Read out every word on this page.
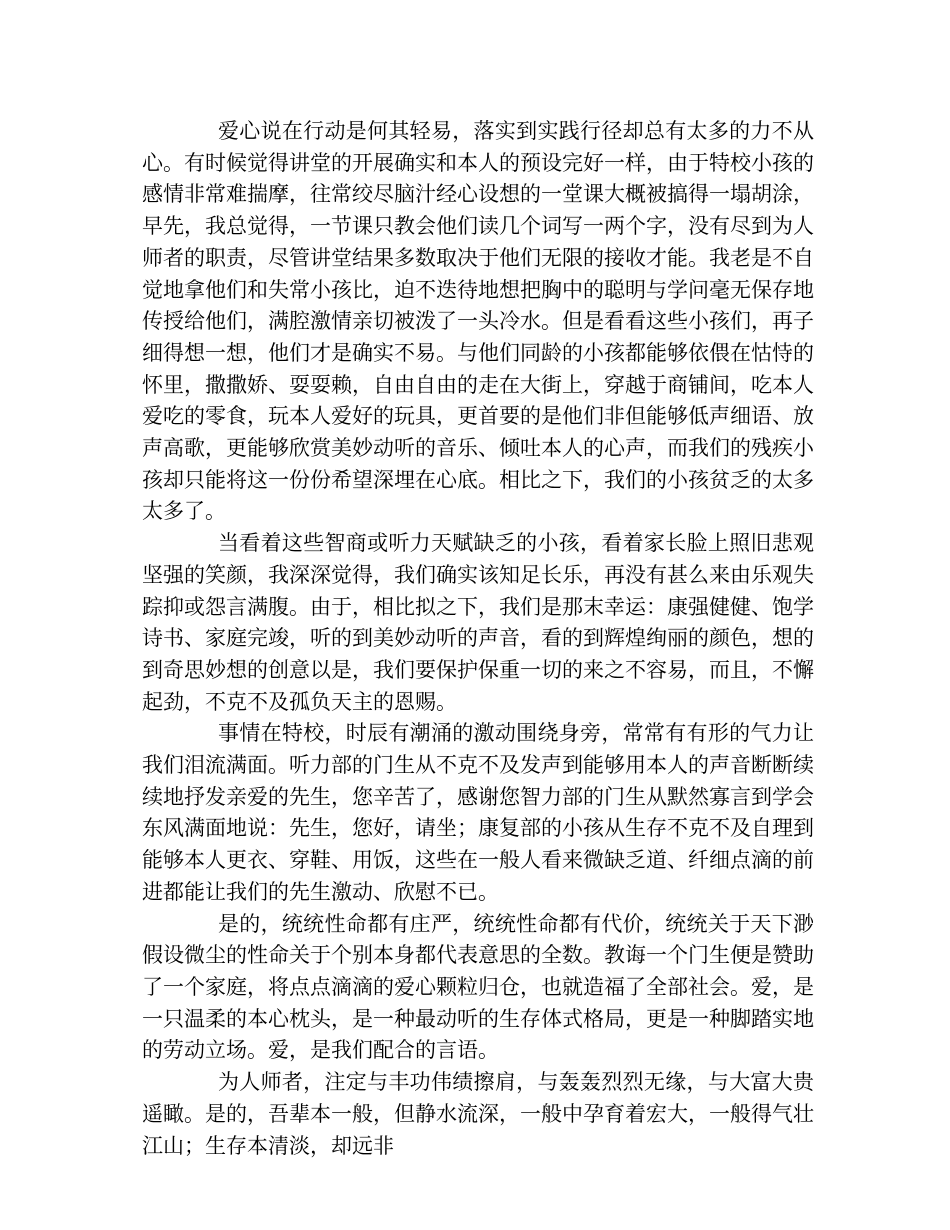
爱心说在行动是何其轻易，落实到实践行径却总有太多的力不从心。有时候觉得讲堂的开展确实和本人的预设完好一样，由于特校小孩的感情非常难揣摩，往常绞尽脑汁经心设想的一堂课大概被搞得一塌胡涂，早先，我总觉得，一节课只教会他们读几个词写一两个字，没有尽到为人师者的职责，尽管讲堂结果多数取决于他们无限的接收才能。我老是不自觉地拿他们和失常小孩比，迫不迭待地想把胸中的聪明与学问毫无保存地传授给他们，满腔激情亲切被泼了一头冷水。但是看看这些小孩们，再子细得想一想，他们才是确实不易。与他们同龄的小孩都能够依偎在怙恃的怀里，撒撒娇、耍耍赖，自由自由的走在大街上，穿越于商铺间，吃本人爱吃的零食，玩本人爱好的玩具，更首要的是他们非但能够低声细语、放声高歌，更能够欣赏美妙动听的音乐、倾吐本人的心声，而我们的残疾小孩却只能将这一份份希望深埋在心底。相比之下，我们的小孩贫乏的太多太多了。

当看着这些智商或听力天赋缺乏的小孩，看着家长脸上照旧悲观坚强的笑颜，我深深觉得，我们确实该知足长乐，再没有甚么来由乐观失踪抑或怨言满腹。由于，相比拟之下，我们是那末幸运：康强健健、饱学诗书、家庭完竣，听的到美妙动听的声音，看的到辉煌绚丽的颜色，想的到奇思妙想的创意以是，我们要保护保重一切的来之不容易，而且，不懈起劲，不克不及孤负天主的恩赐。

事情在特校，时辰有潮涌的激动围绕身旁，常常有有形的气力让我们泪流满面。听力部的门生从不克不及发声到能够用本人的声音断断续续地抒发亲爱的先生，您辛苦了，感谢您智力部的门生从默然寡言到学会东风满面地说：先生，您好，请坐；康复部的小孩从生存不克不及自理到能够本人更衣、穿鞋、用饭，这些在一般人看来微缺乏道、纤细点滴的前进都能让我们的先生激动、欣慰不已。

是的，统统性命都有庄严，统统性命都有代价，统统关于天下渺假设微尘的性命关于个别本身都代表意思的全数。教诲一个门生便是赞助了一个家庭，将点点滴滴的爱心颗粒归仓，也就造福了全部社会。爱，是一只温柔的本心枕头，是一种最动听的生存体式格局，更是一种脚踏实地的劳动立场。爱，是我们配合的言语。

为人师者，注定与丰功伟绩擦肩，与轰轰烈烈无缘，与大富大贵遥瞰。是的，吾辈本一般，但静水流深，一般中孕育着宏大，一般得气壮江山；生存本清淡，却远非
